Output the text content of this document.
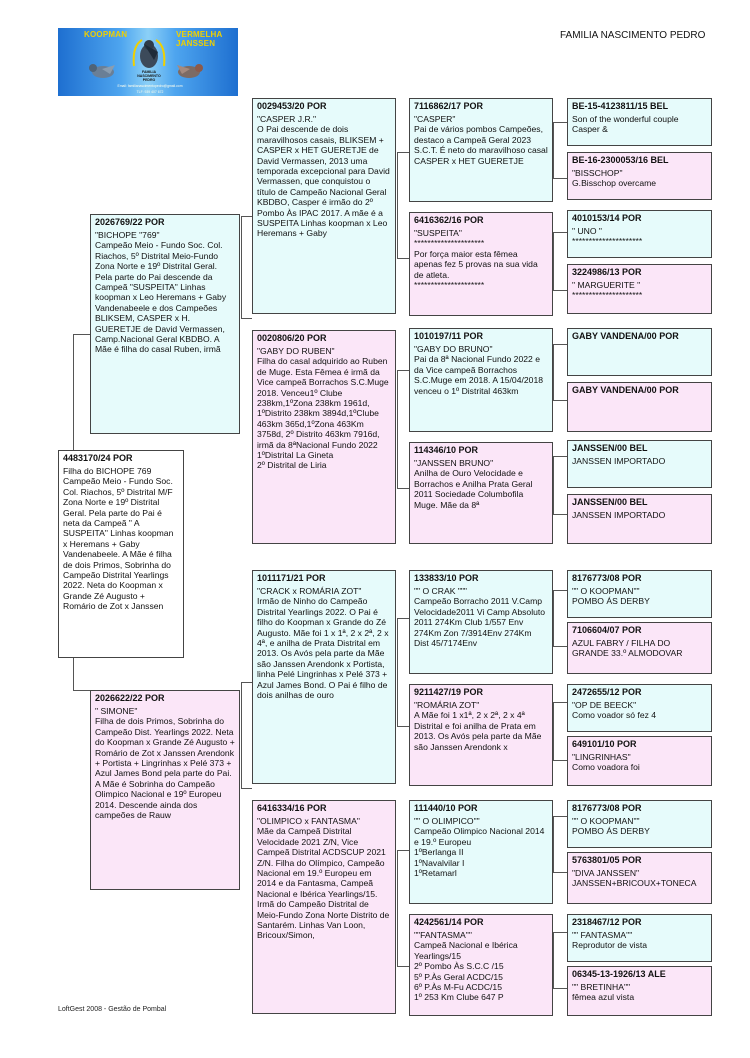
KOOPMAN	VERMELHA JANSSEN
FAMILIA
NASCIMENTO
PEDRO
Email: familianascimentopedro@gmail.com
TLF: 939 407 672
FAMILIA NASCIMENTO PEDRO
4483170/24 POR
Filha do BICHOPE 769 Campeão Meio - Fundo Soc. Col. Riachos, 5º Distrital M/F Zona Norte e 19º Distrital Geral. Pela parte do Pai é neta da Campeã " A SUSPEITA" Linhas koopman x Heremans + Gaby Vandenabeele. A Mãe é filha de dois Primos, Sobrinha do Campeão Distrital Yearlings 2022. Neta do Koopman x Grande Zé Augusto + Romário de Zot x Janssen
2026769/22 POR
"BICHOPE "769"
Campeão Meio - Fundo Soc. Col. Riachos, 5º Distrital Meio-Fundo Zona Norte e 19º Distrital Geral. Pela parte do Pai descende da Campeã "SUSPEITA" Linhas koopman x Leo Heremans + Gaby Vandenabeele e dos Campeões BLIKSEM, CASPER x H. GUERETJE de David Vermassen, Camp.Nacional Geral KBDBO. A Mãe é filha do casal Ruben, irmã
2026622/22 POR
" SIMONE"
Filha de dois Primos, Sobrinha do Campeão Dist. Yearlings 2022. Neta do Koopman x Grande Zé Augusto + Romário de Zot x Janssen Arendonk + Portista + Lingrinhas x Pelé 373 + Azul James Bond pela parte do Pai. A Mãe é Sobrinha do Campeão Olimpico Nacional e 19º Europeu 2014. Descende ainda dos campeões de Rauw
0029453/20 POR
"CASPER J.R."
O Pai descende de dois maravilhosos casais, BLIKSEM + CASPER x HET GUERETJE de David Vermassen, 2013 uma temporada excepcional para David Vermassen, que conquistou o título de Campeão Nacional Geral KBDBO, Casper é irmão do 2º Pombo Às IPAC 2017. A mãe é a SUSPEITA Linhas koopman x Leo Heremans + Gaby
0020806/20 POR
"GABY DO RUBEN"
Filha do casal adquirido ao Ruben de Muge. Esta Fêmea é irmã da Vice campeã Borrachos S.C.Muge 2018. Venceu1º Clube 238km,1ºZona 238km 1961d, 1ºDistrito 238km 3894d,1ºClube 463km 365d,1ºZona 463Km 3758d, 2º Distrito 463km 7916d, irmã da 8ªNacional Fundo 2022
1ºDistrital La Gineta
2º Distrital de Liria
1011171/21 POR
"CRACK x ROMÁRIA ZOT"
Irmão de Ninho do Campeão Distrital Yearlings 2022. O Pai é filho do Koopman x Grande do Zé Augusto. Mãe foi 1 x 1ª, 2 x 2ª, 2 x 4ª, e anilha de Prata Distrital em 2013. Os Avós pela parte da Mãe são Janssen Arendonk x Portista, linha Pelé Lingrinhas x Pelé 373 + Azul James Bond. O Pai é filho de dois anilhas de ouro
6416334/16 POR
"OLIMPICO x FANTASMA"
Mãe da Campeã Distrital Velocidade 2021 Z/N, Vice Campeã Distrital ACDSCUP 2021 Z/N. Filha do Olímpico, Campeão Nacional em 19.º Europeu em 2014 e da Fantasma, Campeã Nacional e Ibérica Yearlings/15. Irmã do Campeão Distrital de Meio-Fundo Zona Norte Distrito de Santarém. Linhas Van Loon, Bricoux/Simon,
7116862/17 POR
"CASPER"
Pai de vários pombos Campeões, destaco a Campeã Geral 2023 S.C.T. É neto do maravilhoso casal CASPER x HET GUERETJE
6416362/16 POR
"SUSPEITA"
*********************
Por força maior esta fêmea apenas fez 5 provas na sua vida de atleta.
*********************
1010197/11 POR
"GABY DO BRUNO"
Pai da 8ª Nacional Fundo 2022 e da Vice campeã Borrachos S.C.Muge em 2018. A 15/04/2018 venceu o 1º Distrital 463km
114346/10 POR
"JANSSEN BRUNO"
Anilha de Ouro Velocidade e Borrachos e Anilha Prata Geral 2011 Sociedade Columbofila Muge. Mãe da 8ª
133833/10 POR
"" O CRAK """
Campeão Borracho 2011 V.Camp Velocidade2011 Vi Camp Absoluto 2011 274Km Club 1/557 Env 274Km Zon 7/3914Env 274Km Dist 45/7174Env
9211427/19 POR
"ROMÁRIA ZOT"
A Mãe foi 1 x1ª, 2 x 2ª, 2 x 4ª Distrital e foi anilha de Prata em 2013. Os Avós pela parte da Mãe são Janssen Arendonk x
111440/10 POR
"" O OLIMPICO""
Campeão Olimpico Nacional 2014 e 19.º Europeu
1ºBerlanga II
1ºNavalvilar I
1ºRetamarl
4242561/14 POR
""FANTASMA""
Campeã Nacional e Ibérica Yearlings/15
2º Pombo Às S.C.C /15
5º P.Às Geral ACDC/15
6º P.Às M-Fu ACDC/15
1º 253 Km Clube 647 P
BE-15-4123811/15 BEL
Son of the wonderful couple Casper &
BE-16-2300053/16 BEL
"BISSCHOP"
G.Bisschop overcame
4010153/14 POR
" UNO "
*********************
3224986/13 POR
" MARGUERITE "
*********************
GABY VANDENA/00 POR
GABY VANDENA/00 POR
JANSSEN/00 BEL
JANSSEN IMPORTADO
JANSSEN/00 BEL
JANSSEN IMPORTADO
8176773/08 POR
"" O KOOPMAN""
POMBO ÁS DERBY
7106604/07 POR
AZUL FABRY / FILHA DO GRANDE 33.º ALMODOVAR
2472655/12 POR
"OP DE BEECK"
Como voador só fez 4
649101/10 POR
"LINGRINHAS"
Como voadora foi
8176773/08 POR
"" O KOOPMAN""
POMBO ÁS DERBY
5763801/05 POR
"DIVA JANSSEN"
JANSSEN+BRICOUX+TONECA
2318467/12 POR
"" FANTASMA""
Reprodutor de vista
06345-13-1926/13 ALE
"" BRETINHA""
fêmea azul vista
LoftGest 2008 - Gestão de Pombal
